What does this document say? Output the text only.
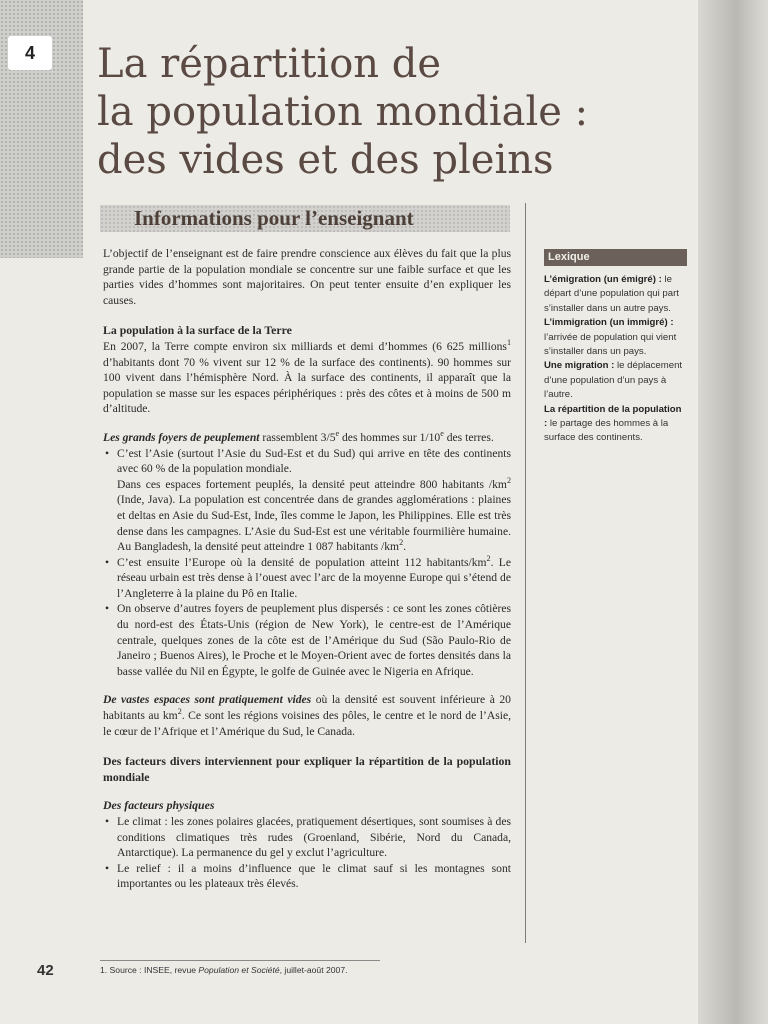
4	La répartition de
la population mondiale :
des vides et des pleins
Informations pour l’enseignant

L’objectif de l’enseignant est de faire prendre conscience aux élèves du fait que la plus grande partie de la population mondiale se concentre sur une faible surface et que les parties vides d’hommes sont majoritaires. On peut tenter ensuite d’en expliquer les causes.

La population à la surface de la Terre

En 2007, la Terre compte environ six milliards et demi d’hommes (6 625 millions$^1$ d’habitants dont 70 % vivent sur 12 % de la surface des continents). 90 hommes sur 100 vivent dans l’hémisphère Nord. À la surface des continents, il apparaît que la population se masse sur les espaces périphériques : près des côtes et à moins de 500 m d’altitude.

Les grands foyers de peuplement rassemblent 3/5e des hommes sur 1/10e des terres.

• C’est l’Asie (surtout l’Asie du Sud-Est et du Sud) qui arrive en tête des continents avec 60 % de la population mondiale.
Dans ces espaces fortement peuplés, la densité peut atteindre 800 habitants $/km^2$ (Inde, Java). La population est concentrée dans de grandes agglomérations : plaines et deltas en Asie du Sud-Est, Inde, îles comme le Japon, les Philippines. Elle est très dense dans les campagnes. L’Asie du Sud-Est est une véritable fourmilière humaine. Au Bangladesh, la densité peut atteindre 1 087 habitants $/km^2$.
• C’est ensuite l’Europe où la densité de population atteint 112 habitants/$km^2$. Le réseau urbain est très dense à l’ouest avec l’arc de la moyenne Europe qui s’étend de l’Angleterre à la plaine du Pô en Italie.
• On observe d’autres foyers de peuplement plus dispersés : ce sont les zones côtières du nord-est des États-Unis (région de New York), le centre-est de l’Amérique centrale, quelques zones de la côte est de l’Amérique du Sud (São Paulo-Rio de Janeiro ; Buenos Aires), le Proche et le Moyen-Orient avec de fortes densités dans la basse vallée du Nil en Égypte, le golfe de Guinée avec le Nigeria en Afrique.

De vastes espaces sont pratiquement vides où la densité est souvent inférieure à 20 habitants au $km^2$. Ce sont les régions voisines des pôles, le centre et le nord de l’Asie, le cœur de l’Afrique et l’Amérique du Sud, le Canada.

Des facteurs divers interviennent pour expliquer la répartition de la population mondiale
Des facteurs physiques
• Le climat : les zones polaires glacées, pratiquement désertiques, sont soumises à des conditions climatiques très rudes (Groenland, Sibérie, Nord du Canada, Antarctique). La permanence du gel y exclut l’agriculture.
• Le relief : il a moins d’influence que le climat sauf si les montagnes sont importantes ou les plateaux très élevés.
Lexique

L’émigration (un émigré) : le départ d’une population qui part s’installer dans un autre pays.

L’immigration (un immigré) : l’arrivée de population qui vient s’installer dans un pays.

Une migration : le déplacement d’une population d’un pays à l’autre.

La répartition de la population : le partage des hommes à la surface des continents.

42	1. Source : INSEE, revue Population et Société, juillet-août 2007.
